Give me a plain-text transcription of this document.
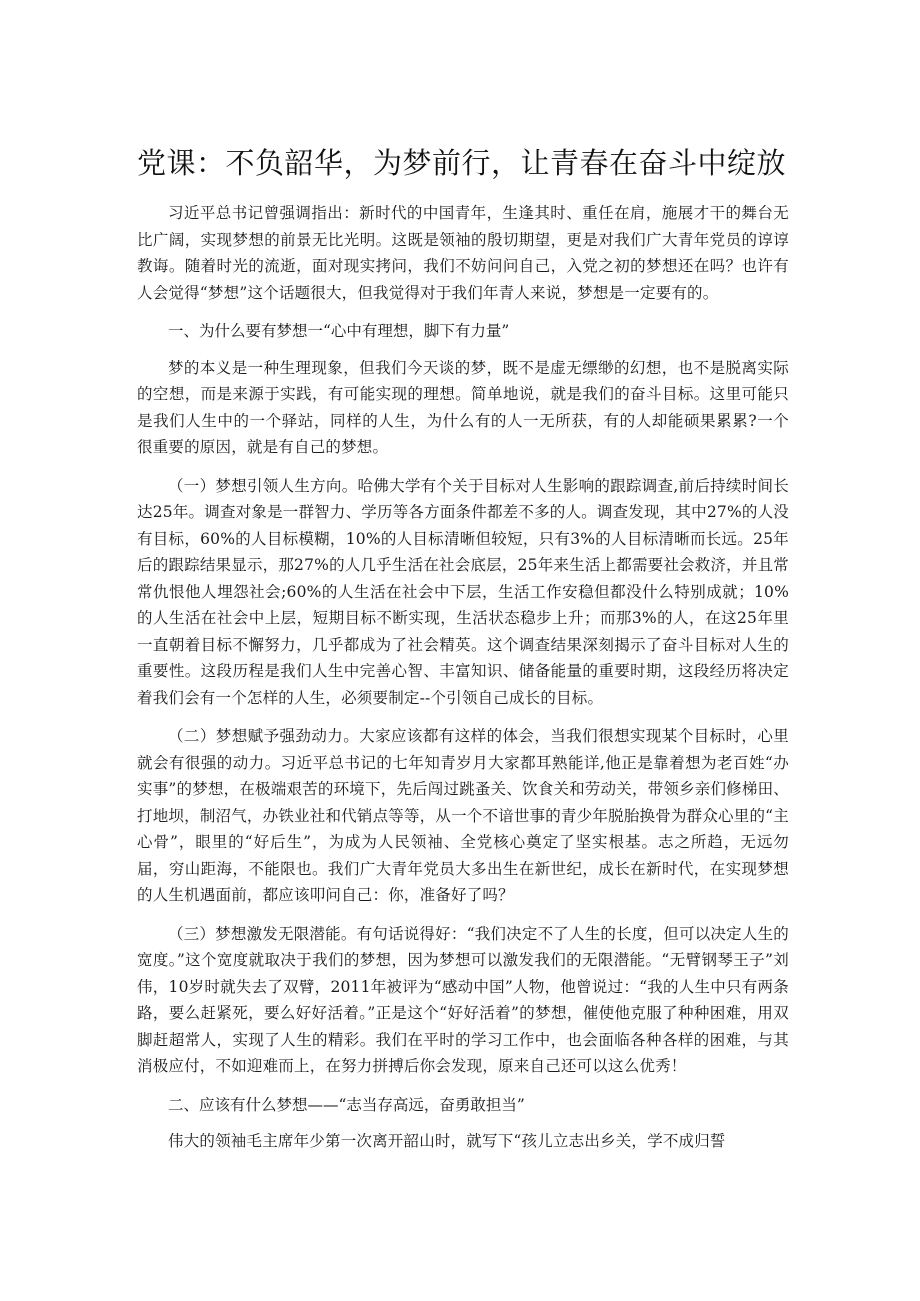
党课：不负韶华，为梦前行，让青春在奋斗中绽放

习近平总书记曾强调指出：新时代的中国青年，生逢其时、重任在肩，施展才干的舞台无比广阔，实现梦想的前景无比光明。这既是领袖的殷切期望，更是对我们广大青年党员的谆谆教诲。随着时光的流逝，面对现实拷问，我们不妨问问自己，入党之初的梦想还在吗？也许有人会觉得“梦想”这个话题很大，但我觉得对于我们年青人来说，梦想是一定要有的。

一、为什么要有梦想一“心中有理想，脚下有力量”

梦的本义是一种生理现象，但我们今天谈的梦，既不是虚无缥缈的幻想，也不是脱离实际的空想，而是来源于实践，有可能实现的理想。简单地说，就是我们的奋斗目标。这里可能只是我们人生中的一个驿站，同样的人生，为什么有的人一无所获，有的人却能硕果累累?一个很重要的原因，就是有自己的梦想。

（一）梦想引领人生方向。哈佛大学有个关于目标对人生影响的跟踪调查,前后持续时间长达25年。调查对象是一群智力、学历等各方面条件都差不多的人。调查发现，其中27%的人没有目标，60%的人目标模糊，10%的人目标清晰但较短，只有3%的人目标清晰而长远。25年后的跟踪结果显示，那27%的人几乎生活在社会底层，25年来生活上都需要社会救济，并且常常仇恨他人埋怨社会;60%的人生活在社会中下层，生活工作安稳但都没什么特别成就；10%的人生活在社会中上层，短期目标不断实现，生活状态稳步上升；而那3%的人，在这25年里一直朝着目标不懈努力，几乎都成为了社会精英。这个调查结果深刻揭示了奋斗目标对人生的重要性。这段历程是我们人生中完善心智、丰富知识、储备能量的重要时期，这段经历将决定着我们会有一个怎样的人生，必须要制定--个引领自己成长的目标。

（二）梦想赋予强劲动力。大家应该都有这样的体会，当我们很想实现某个目标时，心里就会有很强的动力。习近平总书记的七年知青岁月大家都耳熟能详,他正是靠着想为老百姓“办实事”的梦想，在极端艰苦的环境下，先后闯过跳蚤关、饮食关和劳动关，带领乡亲们修梯田、打地坝，制沼气，办铁业社和代销点等等，从一个不谙世事的青少年脱胎换骨为群众心里的“主心骨”，眼里的“好后生”，为成为人民领袖、全党核心奠定了坚实根基。志之所趋，无远勿届，穷山距海，不能限也。我们广大青年党员大多出生在新世纪，成长在新时代，在实现梦想的人生机遇面前，都应该叩问自己：你，准备好了吗？

（三）梦想激发无限潜能。有句话说得好：“我们决定不了人生的长度，但可以决定人生的宽度。”这个宽度就取决于我们的梦想，因为梦想可以激发我们的无限潜能。“无臂钢琴王子”刘伟，10岁时就失去了双臂，2011年被评为“感动中国”人物，他曾说过：“我的人生中只有两条路，要么赶紧死，要么好好活着。”正是这个“好好活着”的梦想，催使他克服了种种困难，用双脚赶超常人，实现了人生的精彩。我们在平时的学习工作中，也会面临各种各样的困难，与其消极应付，不如迎难而上，在努力拼搏后你会发现，原来自己还可以这么优秀！

二、应该有什么梦想——“志当存高远，奋勇敢担当”

伟大的领袖毛主席年少第一次离开韶山时，就写下“孩儿立志出乡关，学不成归誓
